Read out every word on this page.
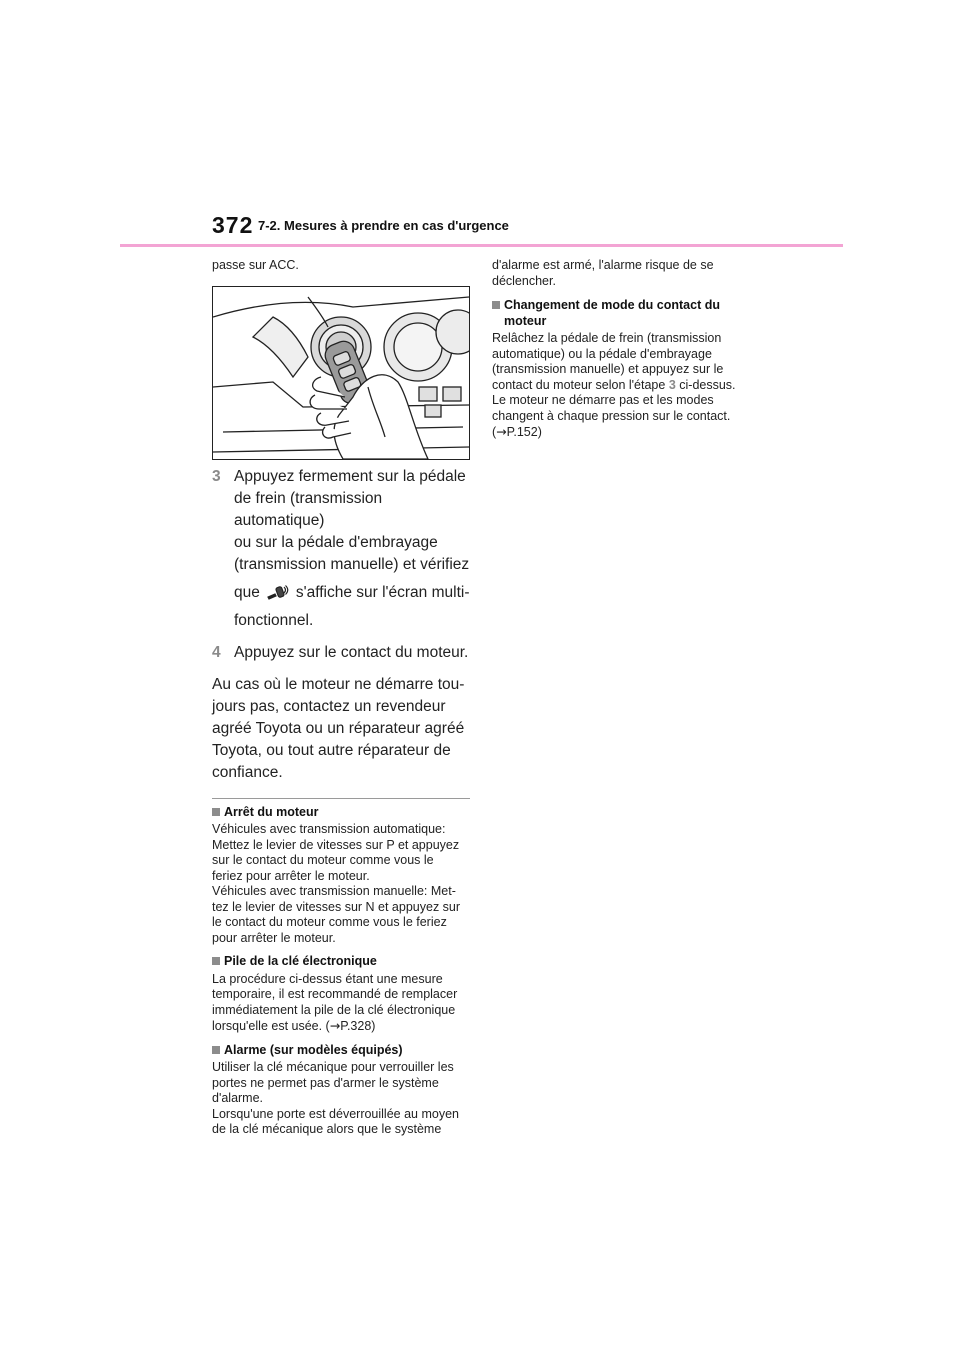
372 7-2. Mesures à prendre en cas d'urgence
passe sur ACC.
3 Appuyez fermement sur la pédale
de frein (transmission automatique)
ou sur la pédale d'embrayage
(transmission manuelle) et vérifiez
que s'affiche sur l'écran multi-
fonctionnel.
4 Appuyez sur le contact du moteur.
Au cas où le moteur ne démarre tou-
jours pas, contactez un revendeur
agréé Toyota ou un réparateur agréé
Toyota, ou tout autre réparateur de
confiance.
Arrêt du moteur
Véhicules avec transmission automatique:
Mettez le levier de vitesses sur P et appuyez
sur le contact du moteur comme vous le
feriez pour arrêter le moteur.
Véhicules avec transmission manuelle: Met-
tez le levier de vitesses sur N et appuyez sur
le contact du moteur comme vous le feriez
pour arrêter le moteur.
Pile de la clé électronique
La procédure ci-dessus étant une mesure
temporaire, il est recommandé de remplacer
immédiatement la pile de la clé électronique
lorsqu'elle est usée. (→P.328)
Alarme (sur modèles équipés)
Utiliser la clé mécanique pour verrouiller les
portes ne permet pas d'armer le système
d'alarme.
Lorsqu'une porte est déverrouillée au moyen
de la clé mécanique alors que le système
d'alarme est armé, l'alarme risque de se
déclencher.
Changement de mode du contact du
moteur
Relâchez la pédale de frein (transmission
automatique) ou la pédale d'embrayage
(transmission manuelle) et appuyez sur le
contact du moteur selon l'étape 3 ci-dessus.
Le moteur ne démarre pas et les modes
changent à chaque pression sur le contact.
(→P.152)
